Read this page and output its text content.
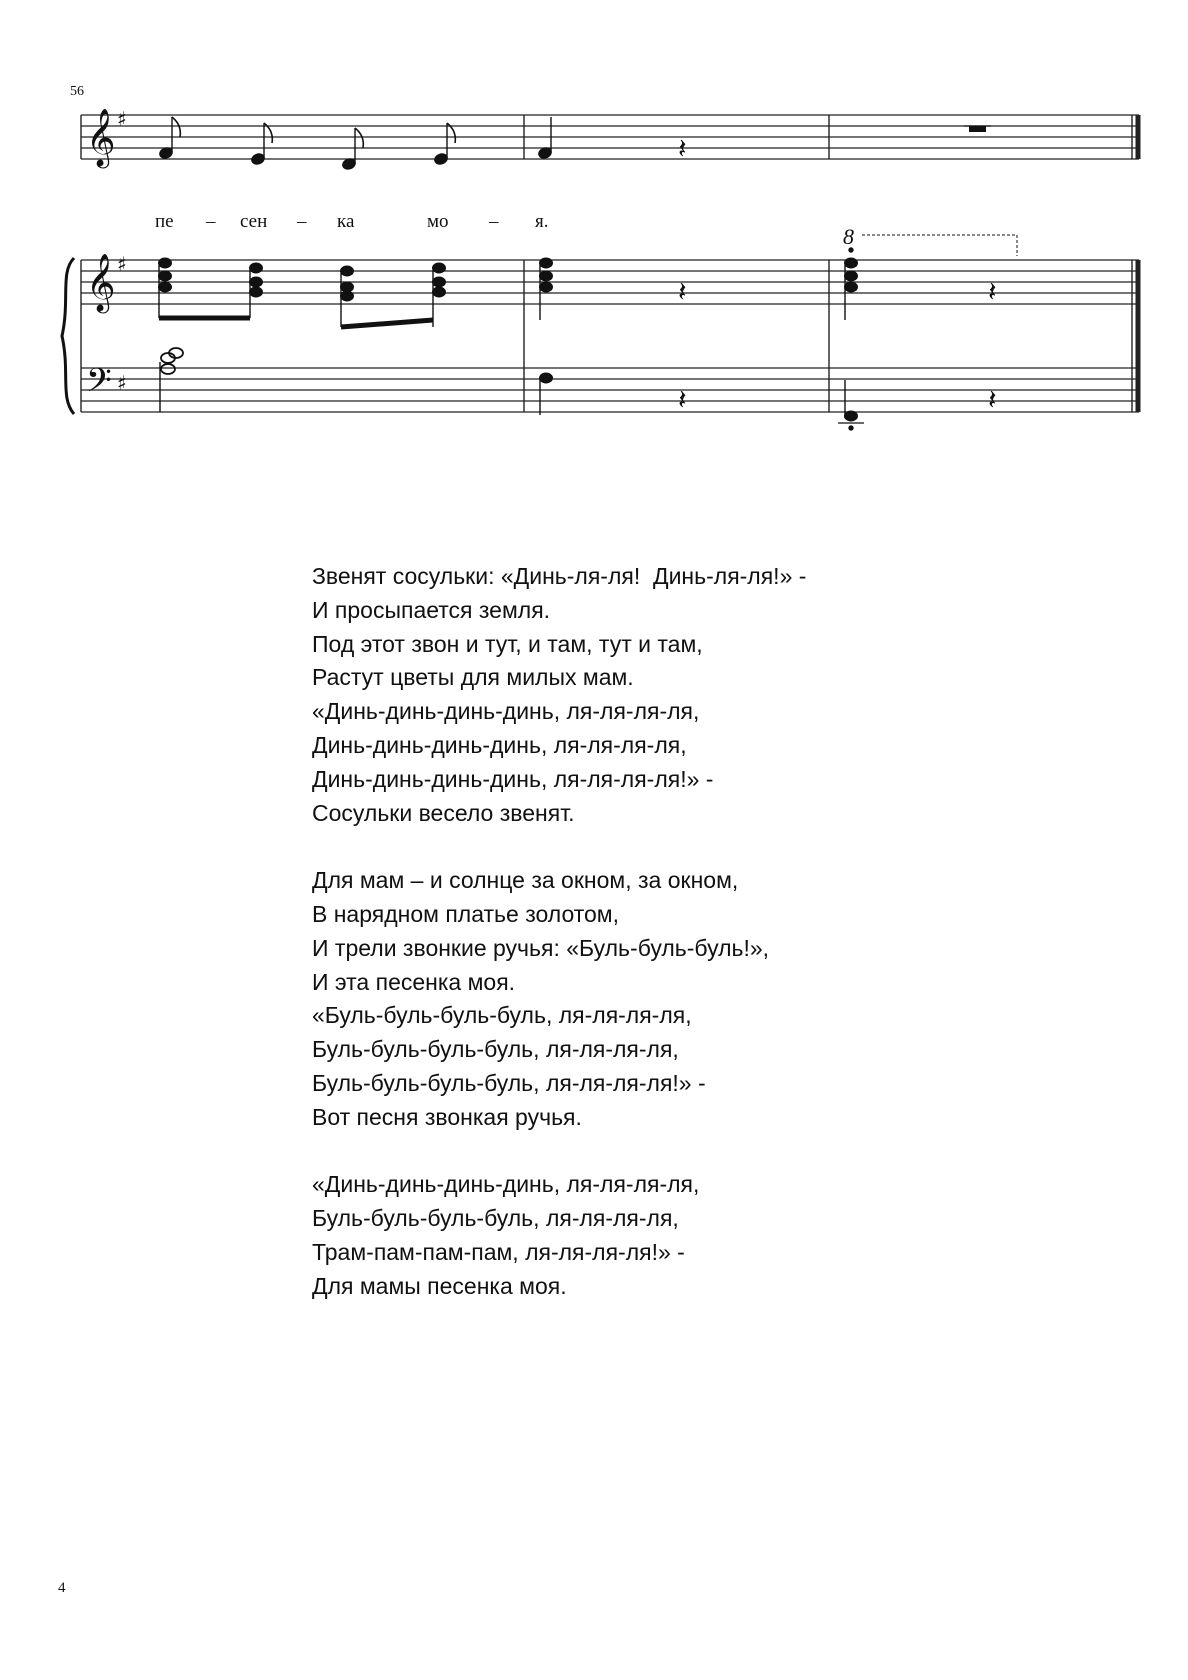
56
𝄞 ♯
𝄽
𝄞
𝄢
♯
♯
𝄽	𝄽
𝄽	𝄽
пе – сен – ка	мо – я.
8
Звенят сосульки: «Динь-ля-ля!  Динь-ля-ля!» -
И просыпается земля.
Под этот звон и тут, и там, тут и там,
Растут цветы для милых мам.
«Динь-динь-динь-динь, ля-ля-ля-ля,
Динь-динь-динь-динь, ля-ля-ля-ля,
Динь-динь-динь-динь, ля-ля-ля-ля!» -
Сосульки весело звенят.
Для мам – и солнце за окном, за окном,
В нарядном платье золотом,
И трели звонкие ручья: «Буль-буль-буль!»,
И эта песенка моя.
«Буль-буль-буль-буль, ля-ля-ля-ля,
Буль-буль-буль-буль, ля-ля-ля-ля,
Буль-буль-буль-буль, ля-ля-ля-ля!» -
Вот песня звонкая ручья.
«Динь-динь-динь-динь, ля-ля-ля-ля,
Буль-буль-буль-буль, ля-ля-ля-ля,
Трам-пам-пам-пам, ля-ля-ля-ля!» -
Для мамы песенка моя.
4
